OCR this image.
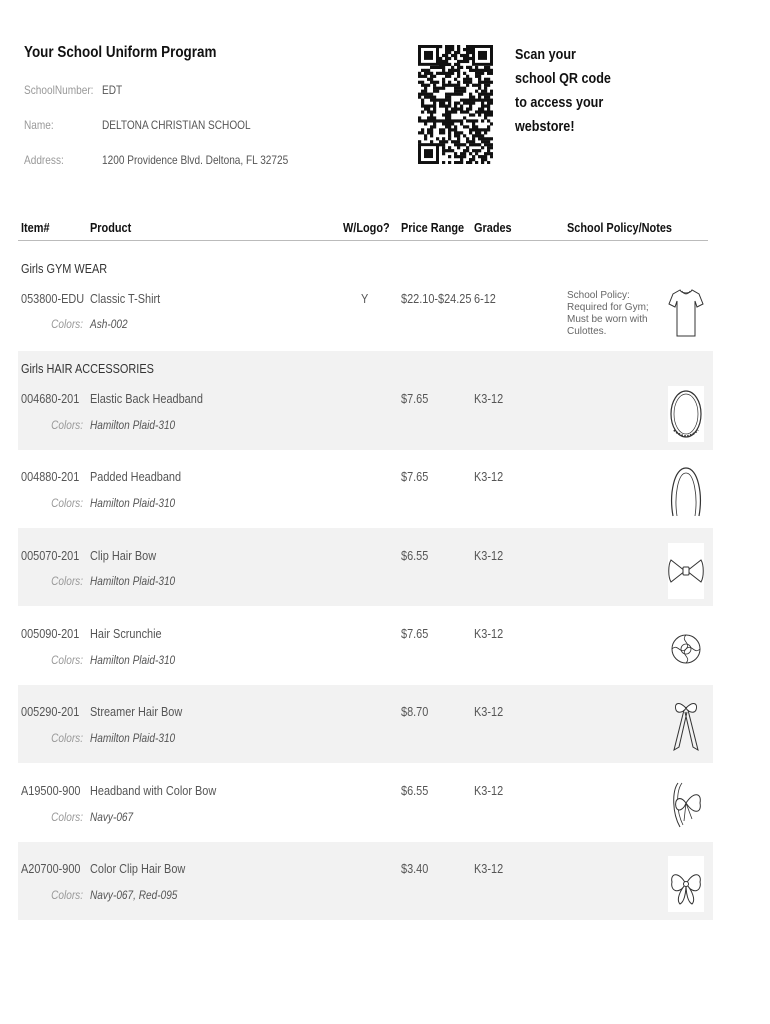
Your School Uniform Program
SchoolNumber: EDT
Name:	DELTONA CHRISTIAN SCHOOL
Address:	1200 Providence Blvd. Deltona, FL 32725
Scan your
school QR code
to access your
webstore!
Item#	Product	W/Logo? Price Range Grades	School Policy/Notes
Girls GYM WEAR
053800-EDU Classic T-Shirt	Y	$22.10-$24.25 6-12
Colors: Ash-002
School Policy: Required for Gym; Must be worn with Culottes.
Girls HAIR ACCESSORIES
004680-201 Elastic Back Headband	$7.65	K3-12
Colors: Hamilton Plaid-310
004880-201 Padded Headband	$7.65	K3-12
Colors: Hamilton Plaid-310
005070-201 Clip Hair Bow	$6.55	K3-12
Colors: Hamilton Plaid-310
005090-201 Hair Scrunchie	$7.65	K3-12
Colors: Hamilton Plaid-310
005290-201 Streamer Hair Bow	$8.70	K3-12
Colors: Hamilton Plaid-310
A19500-900 Headband with Color Bow	$6.55	K3-12
Colors: Navy-067
A20700-900 Color Clip Hair Bow	$3.40	K3-12
Colors: Navy-067, Red-095
